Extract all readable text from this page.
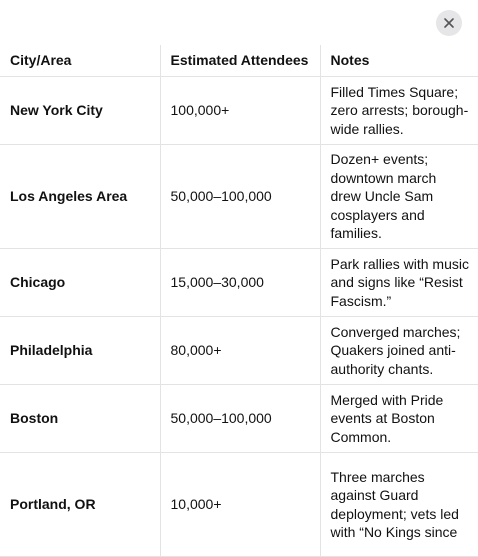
City/Area	Estimated Attendees	Notes
New York City	100,000+	Filled Times Square; zero arrests; borough-wide rallies.
Los Angeles Area	50,000–100,000	Dozen+ events; downtown march drew Uncle Sam cosplayers and families.
Chicago	15,000–30,000	Park rallies with music and signs like “Resist Fascism.”
Philadelphia	80,000+	Converged marches; Quakers joined anti-authority chants.
Boston	50,000–100,000	Merged with Pride events at Boston Common.
Portland, OR	10,000+	Three marches against Guard deployment; vets led with “No Kings since
